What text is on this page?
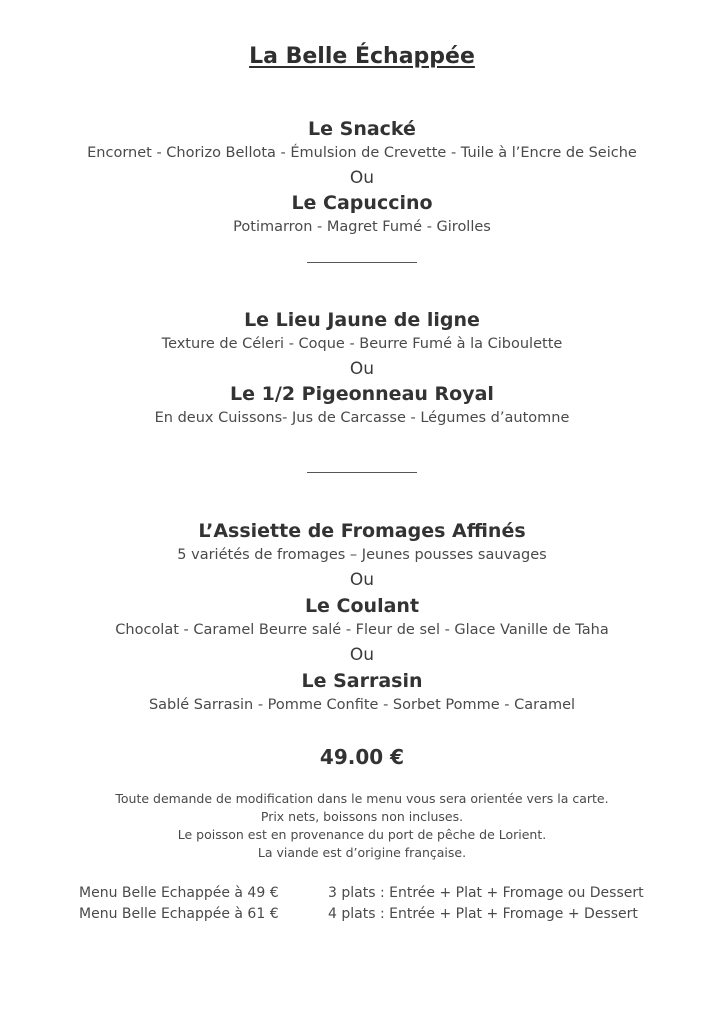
La Belle Échappée
Le Snacké
Encornet - Chorizo Bellota - Émulsion de Crevette - Tuile à l’Encre de Seiche
Ou
Le Capuccino
Potimarron - Magret Fumé - Girolles
Le Lieu Jaune de ligne
Texture de Céleri - Coque - Beurre Fumé à la Ciboulette
Ou
Le 1/2 Pigeonneau Royal
En deux Cuissons- Jus de Carcasse - Légumes d’automne
L’Assiette de Fromages Affinés
5 variétés de fromages – Jeunes pousses sauvages
Ou
Le Coulant
Chocolat - Caramel Beurre salé - Fleur de sel - Glace Vanille de Taha
Ou
Le Sarrasin
Sablé Sarrasin - Pomme Confite - Sorbet Pomme - Caramel
49.00 €
Toute demande de modification dans le menu vous sera orientée vers la carte.
Prix nets, boissons non incluses.
Le poisson est en provenance du port de pêche de Lorient.
La viande est d’origine française.
Menu Belle Echappée à 49 €	3 plats : Entrée + Plat + Fromage ou Dessert
Menu Belle Echappée à 61 €	4 plats : Entrée + Plat + Fromage + Dessert
